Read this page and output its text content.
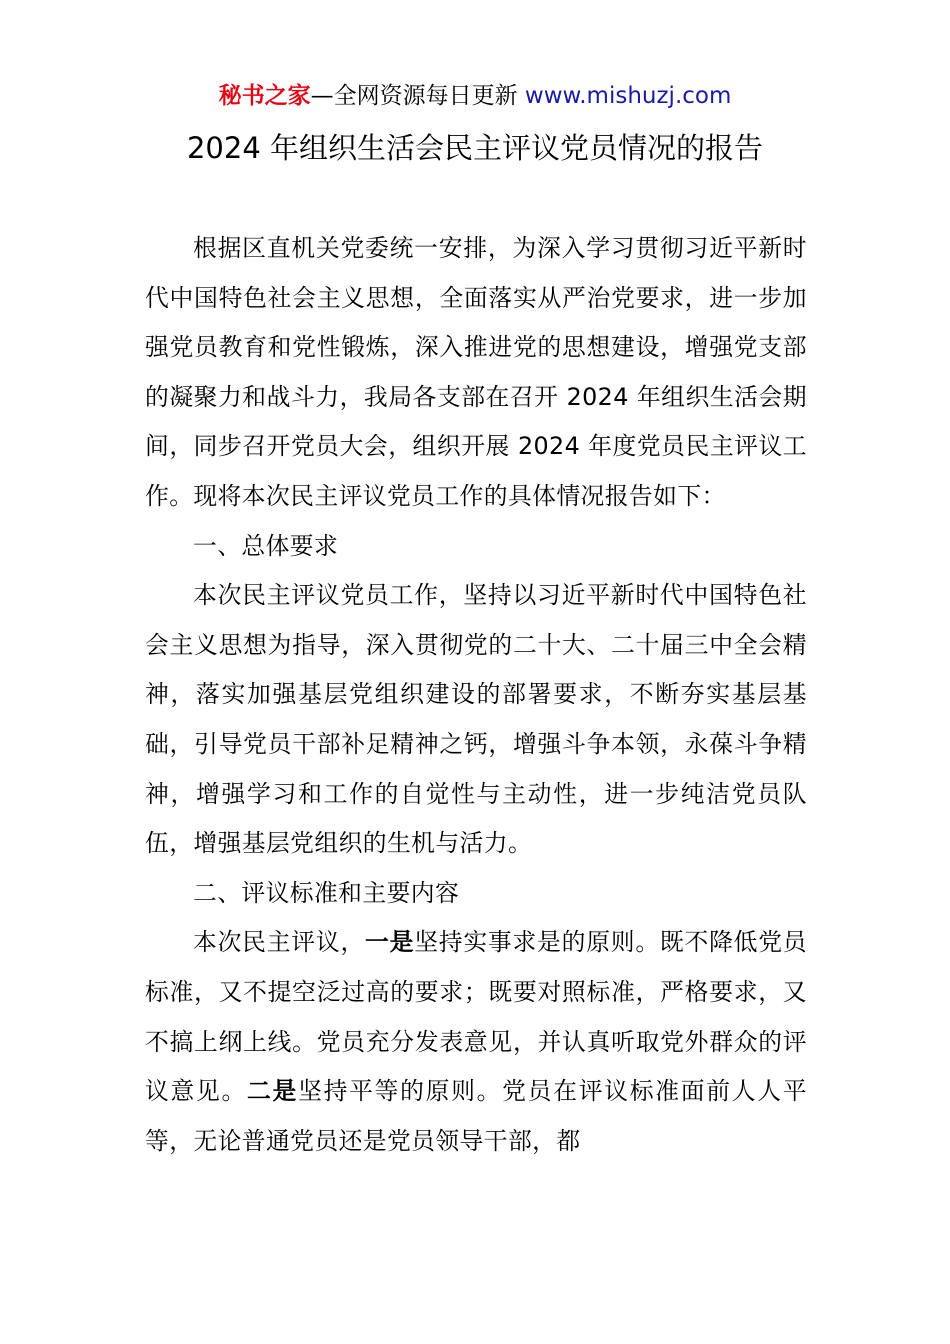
秘书之家—全网资源每日更新 www.mishuzj.com
2024 年组织生活会民主评议党员情况的报告

根据区直机关党委统一安排，为深入学习贯彻习近平新时代中国特色社会主义思想，全面落实从严治党要求，进一步加强党员教育和党性锻炼，深入推进党的思想建设，增强党支部的凝聚力和战斗力，我局各支部在召开 2024 年组织生活会期间，同步召开党员大会，组织开展 2024 年度党员民主评议工作。现将本次民主评议党员工作的具体情况报告如下：

一、总体要求

本次民主评议党员工作，坚持以习近平新时代中国特色社会主义思想为指导，深入贯彻党的二十大、二十届三中全会精神，落实加强基层党组织建设的部署要求，不断夯实基层基础，引导党员干部补足精神之钙，增强斗争本领，永葆斗争精神，增强学习和工作的自觉性与主动性，进一步纯洁党员队伍，增强基层党组织的生机与活力。

二、评议标准和主要内容

本次民主评议，一是坚持实事求是的原则。既不降低党员标准，又不提空泛过高的要求；既要对照标准，严格要求，又不搞上纲上线。党员充分发表意见，并认真听取党外群众的评议意见。二是坚持平等的原则。党员在评议标准面前人人平等，无论普通党员还是党员领导干部，都
